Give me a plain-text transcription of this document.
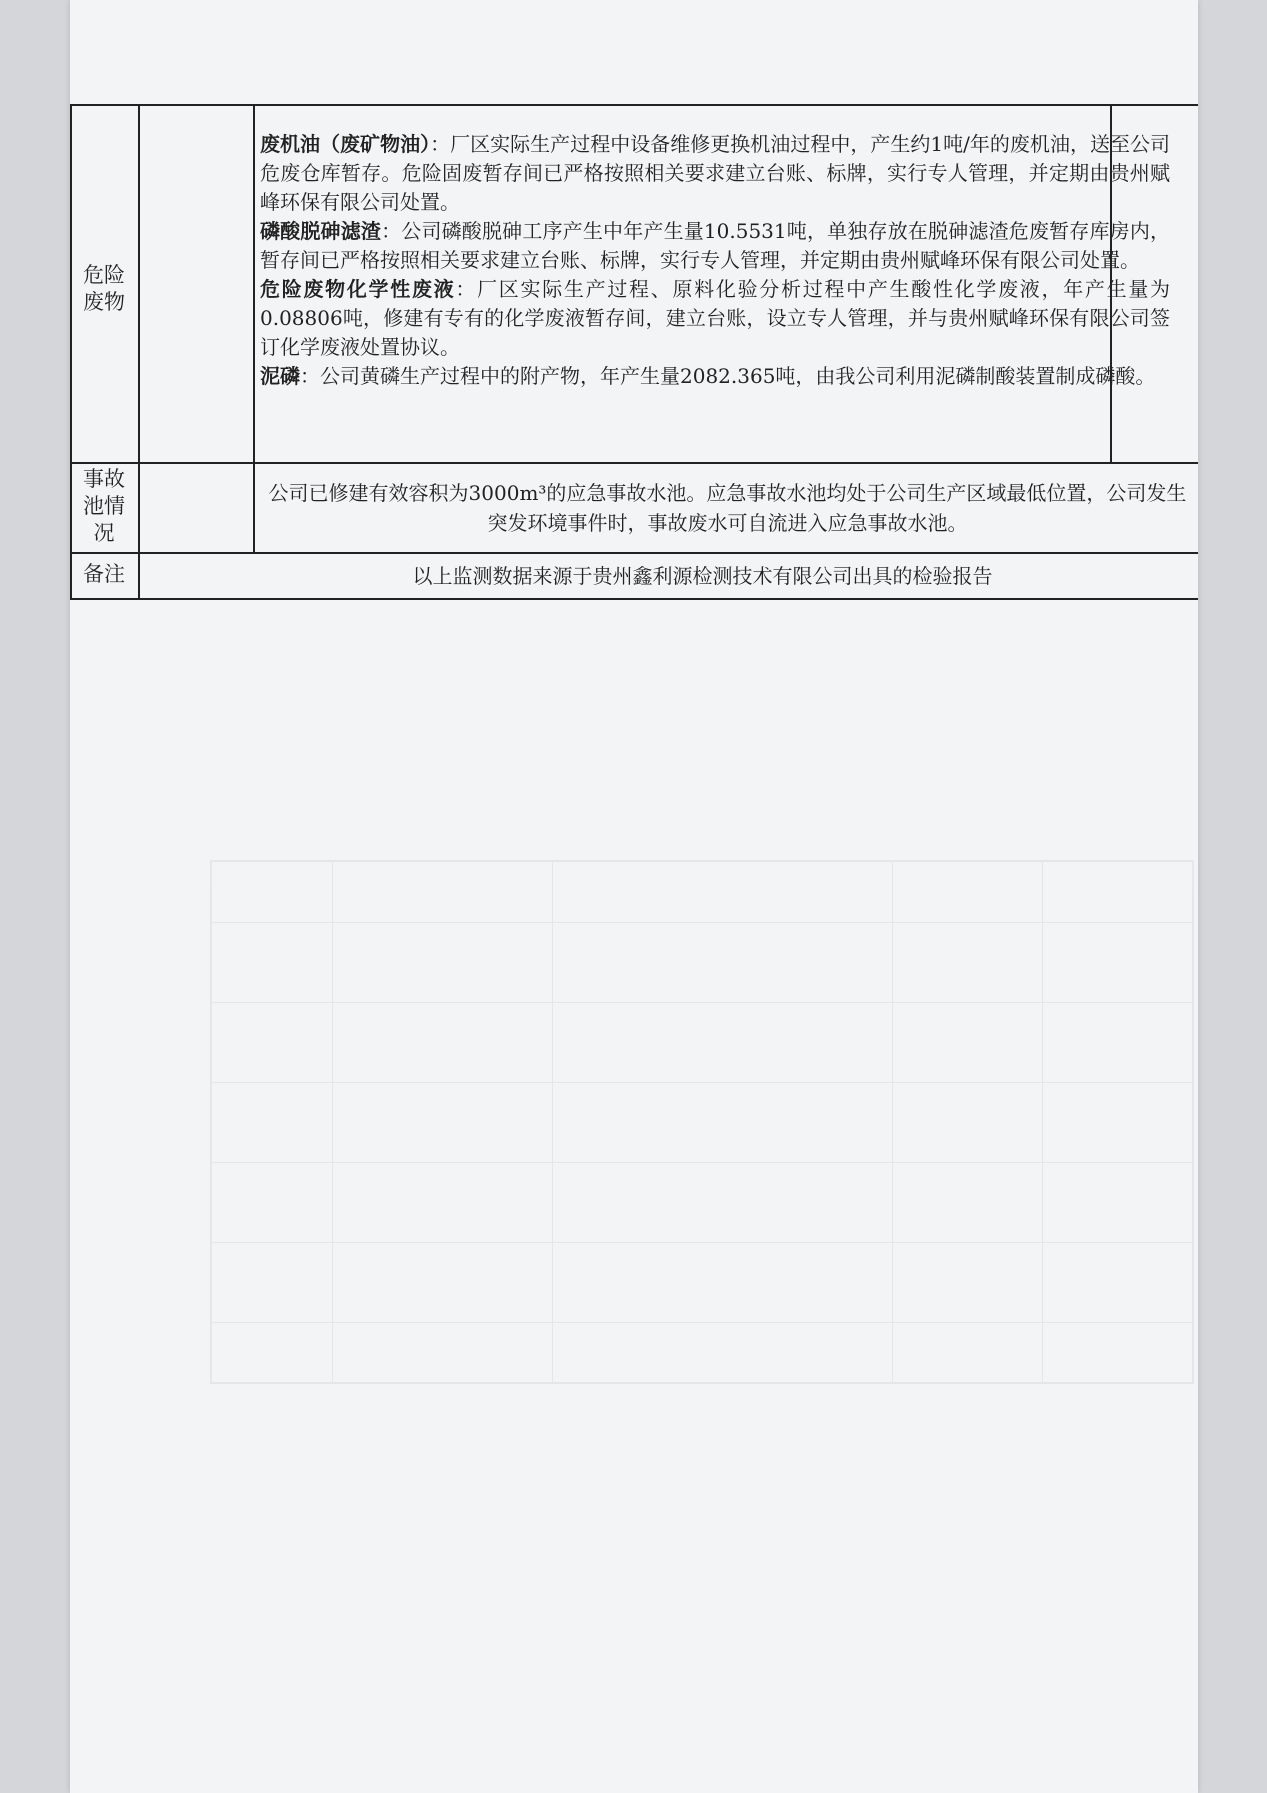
危险废物

废机油（废矿物油）：厂区实际生产过程中设备维修更换机油过程中，产生约1吨/年的废机油，送至公司危废仓库暂存。危险固废暂存间已严格按照相关要求建立台账、标牌，实行专人管理，并定期由贵州赋峰环保有限公司处置。

磷酸脱砷滤渣：公司磷酸脱砷工序产生中年产生量10.5531吨，单独存放在脱砷滤渣危废暂存库房内，暂存间已严格按照相关要求建立台账、标牌，实行专人管理，并定期由贵州赋峰环保有限公司处置。

危险废物化学性废液：厂区实际生产过程、原料化验分析过程中产生酸性化学废液，年产生量为0.08806吨，修建有专有的化学废液暂存间，建立台账，设立专人管理，并与贵州赋峰环保有限公司签订化学废液处置协议。

泥磷：公司黄磷生产过程中的附产物，年产生量2082.365吨，由我公司利用泥磷制酸装置制成磷酸。

事故池情况
公司已修建有效容积为3000m³的应急事故水池。应急事故水池均处于公司生产区域最低位置，公司发生突发环境事件时，事故废水可自流进入应急事故水池。
备注	以上监测数据来源于贵州鑫利源检测技术有限公司出具的检验报告
